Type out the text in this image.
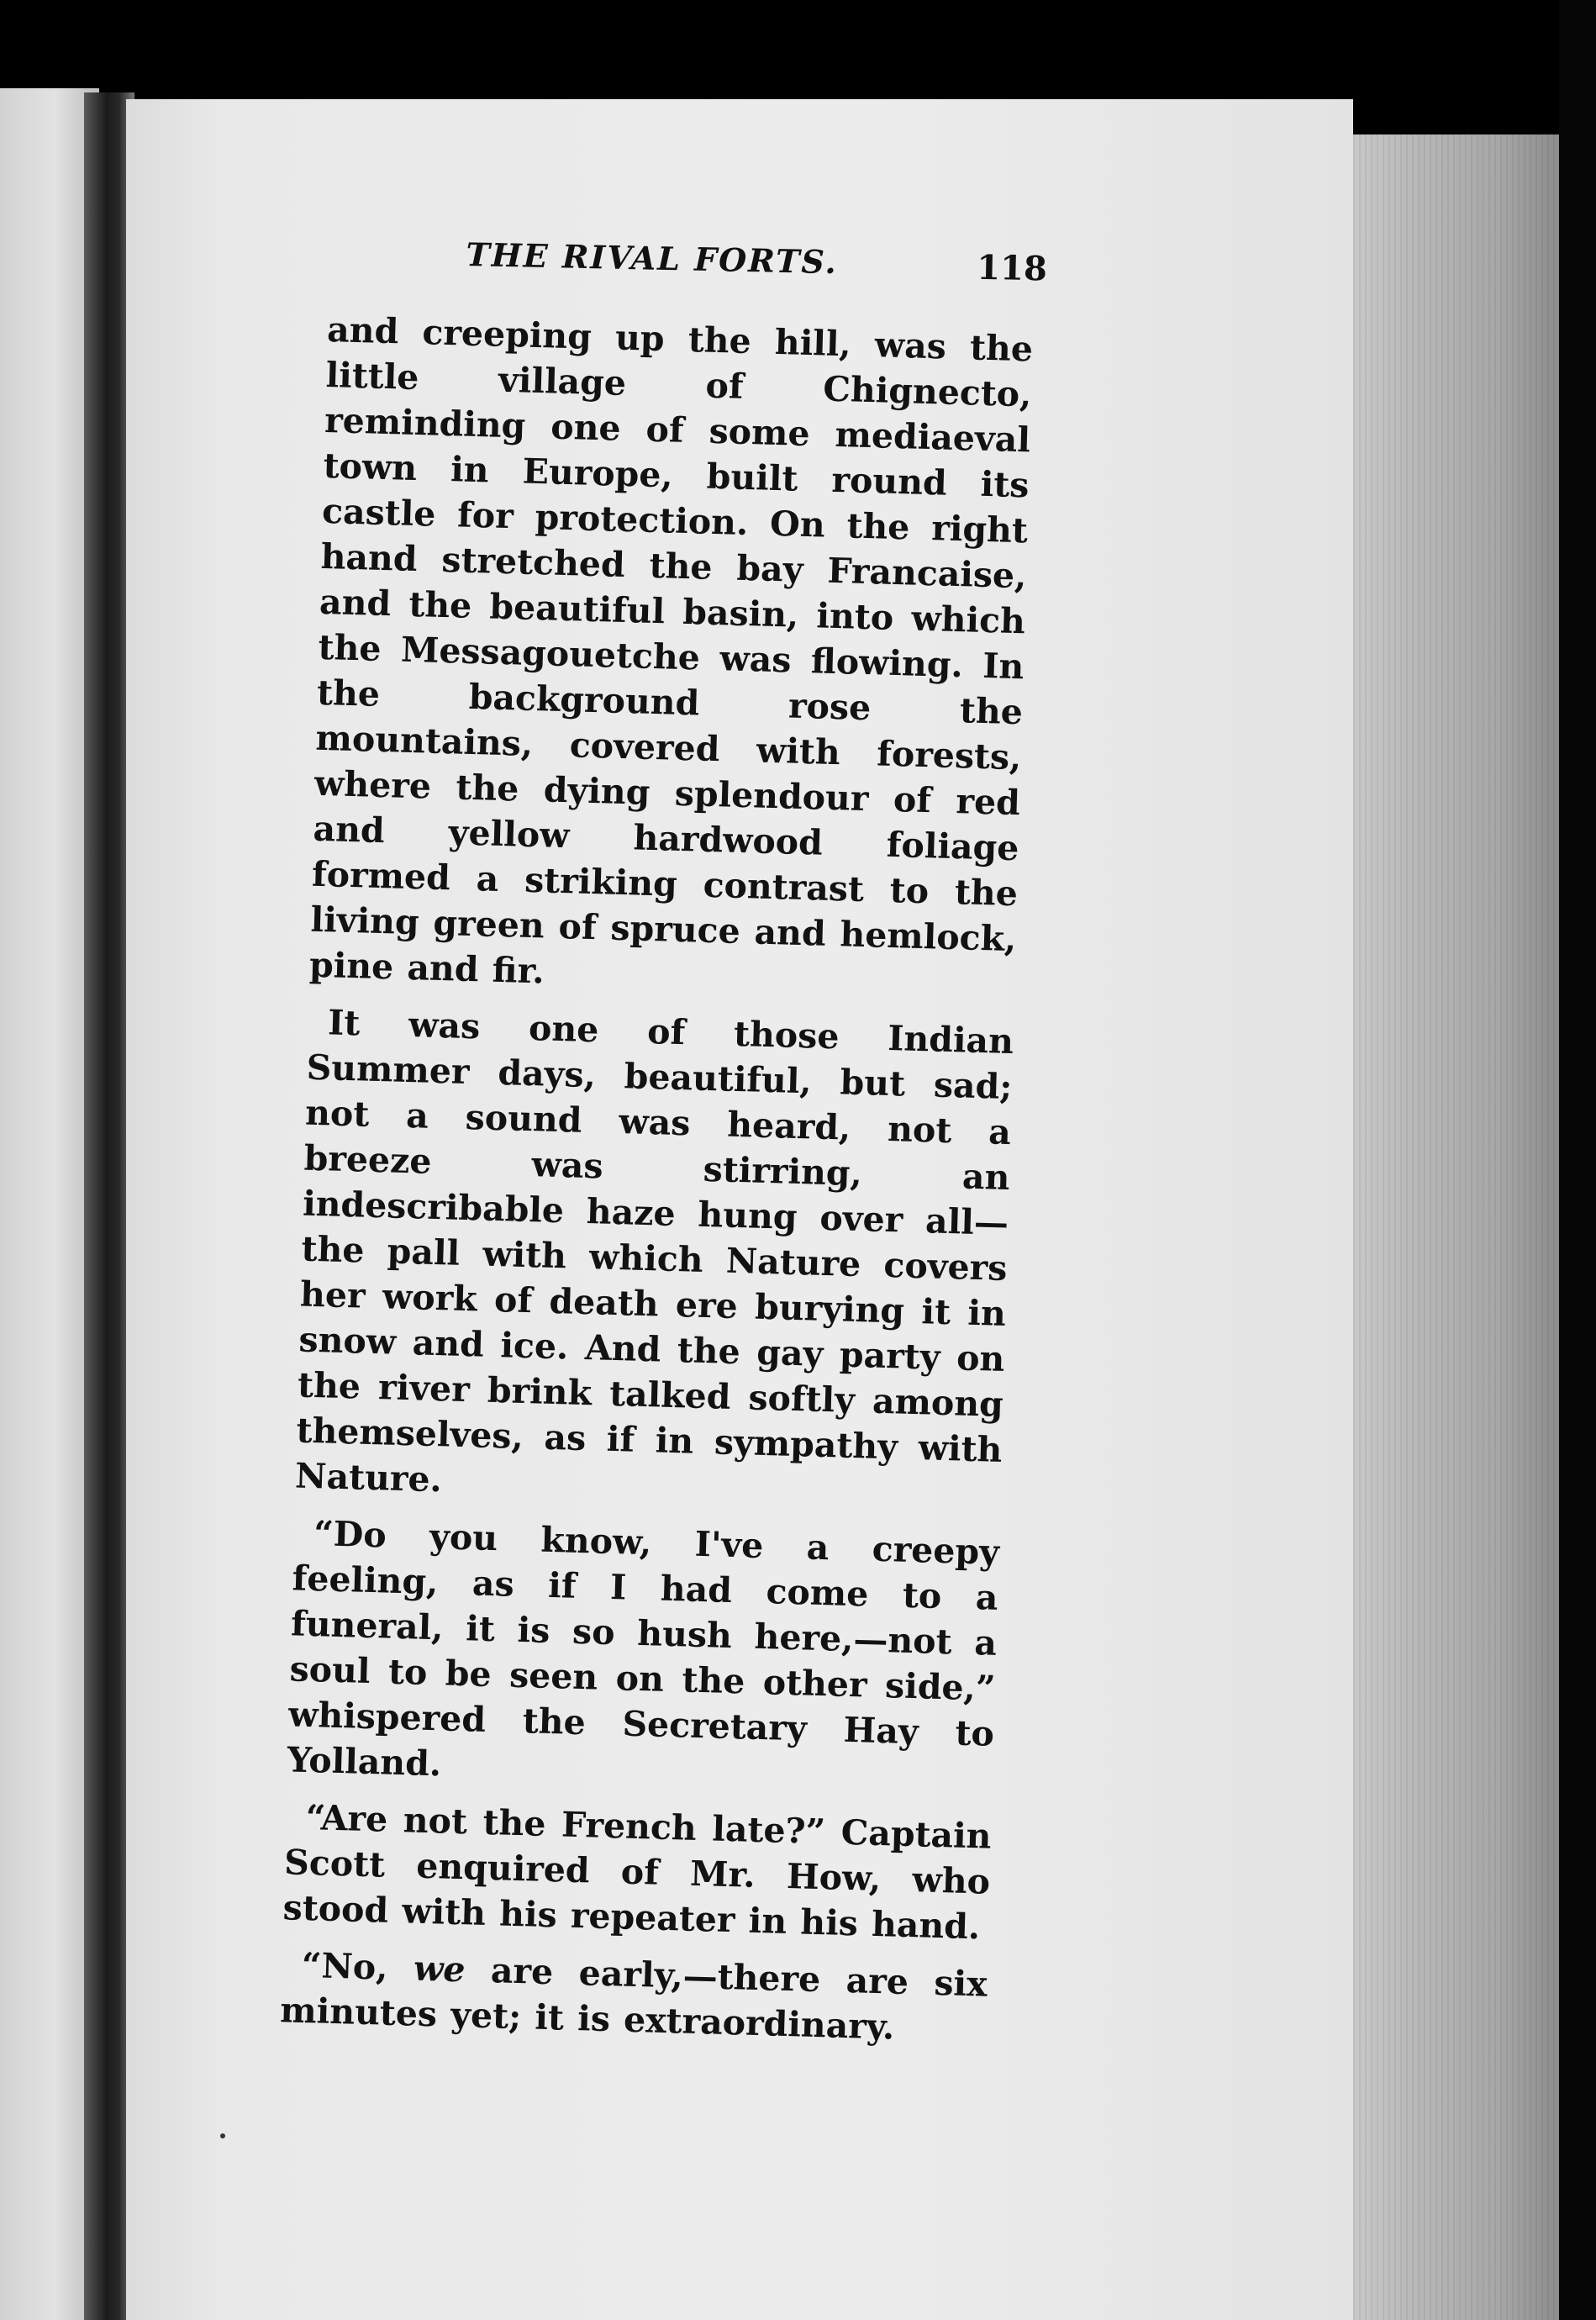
THE RIVAL FORTS.	118

and creeping up the hill, was the little village of Chignecto, reminding one of some mediaeval town in Europe, built round its castle for protection. On the right hand stretched the bay Francaise, and the beautiful basin, into which the Messagouetche was flowing. In the background rose the mountains, covered with forests, where the dying splendour of red and yellow hardwood foliage formed a striking contrast to the living green of spruce and hemlock, pine and fir.

It was one of those Indian Summer days, beautiful, but sad; not a sound was heard, not a breeze was stirring, an indescribable haze hung over all—the pall with which Nature covers her work of death ere burying it in snow and ice. And the gay party on the river brink talked softly among themselves, as if in sympathy with Nature.

“Do you know, I've a creepy feeling, as if I had come to a funeral, it is so hush here,—not a soul to be seen on the other side,” whispered the Secretary Hay to Yolland.

“Are not the French late?” Captain Scott enquired of Mr. How, who stood with his repeater in his hand.

“No, we are early,—there are six minutes yet; it is extraordinary.
